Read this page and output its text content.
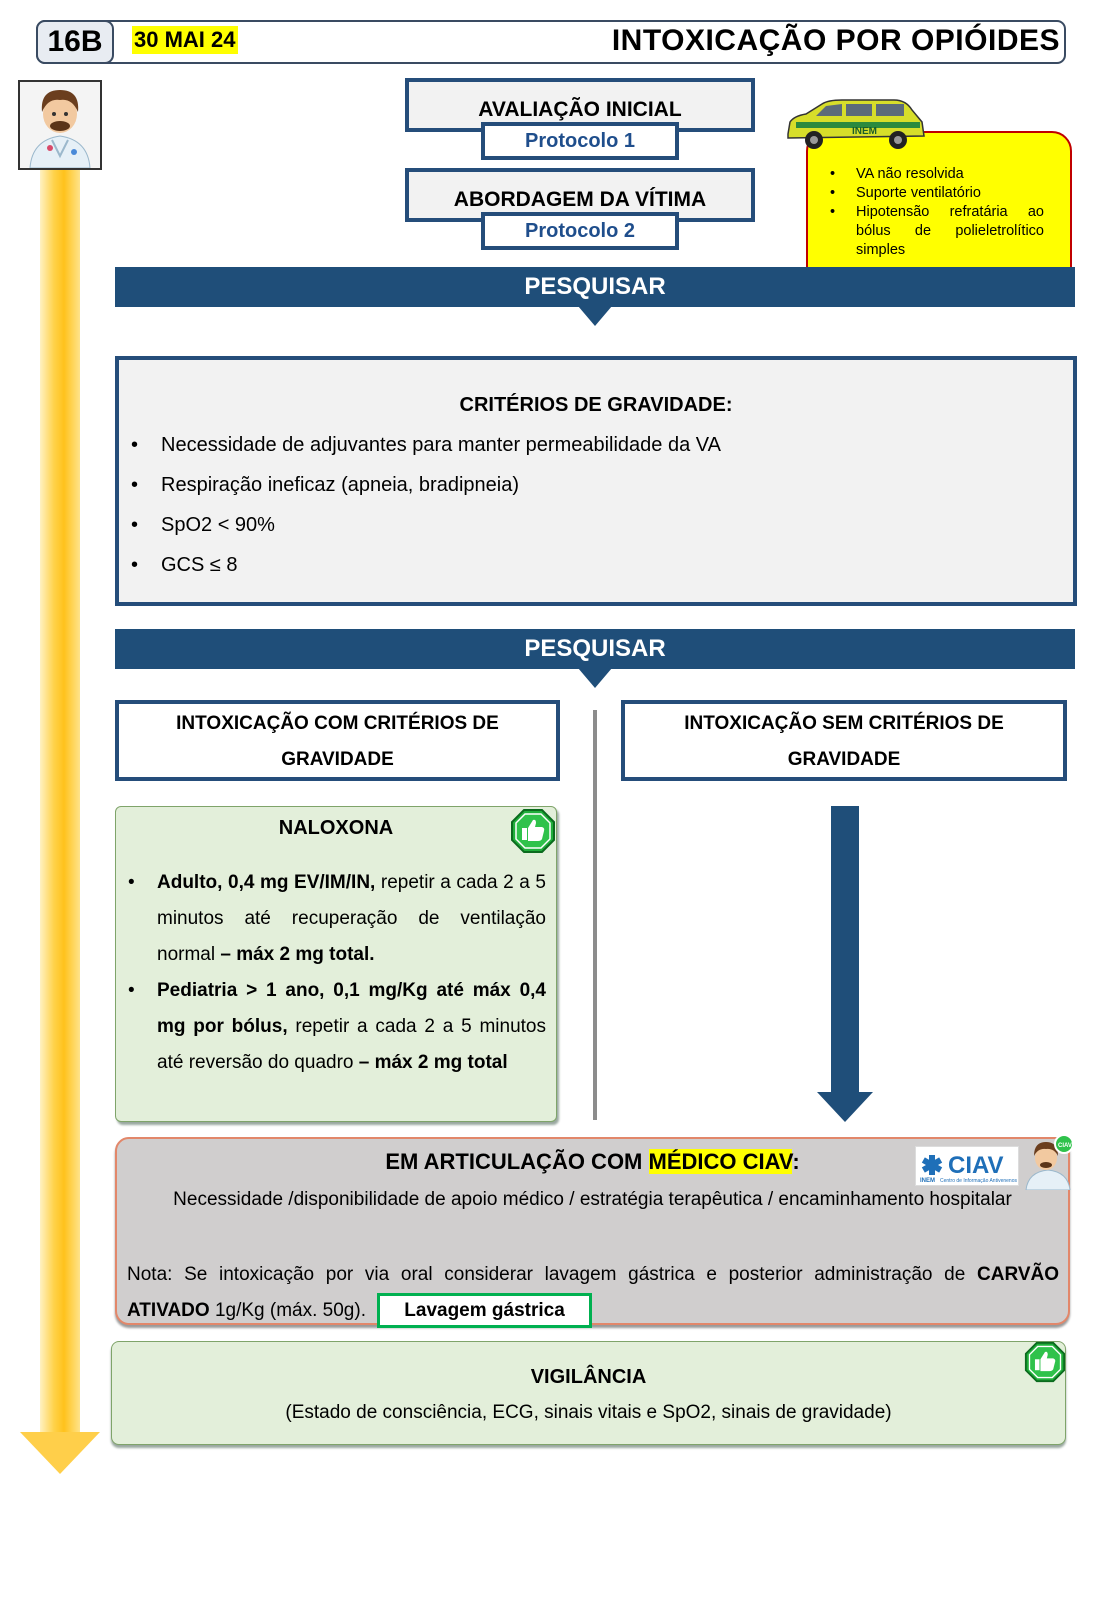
16B	30 MAI 24	INTOXICAÇÃO POR OPIÓIDES
AVALIAÇÃO INICIAL
Protocolo 1
ABORDAGEM DA VÍTIMA
Protocolo 2
• VA não resolvida
• Suporte ventilatório
• Hipotensão refratária ao bólus de polieletrolítico simples
INEM
PESQUISAR
CRITÉRIOS DE GRAVIDADE:
• Necessidade de adjuvantes para manter permeabilidade da VA
• Respiração ineficaz (apneia, bradipneia)
• SpO2 < 90%
• GCS ≤ 8
PESQUISAR
INTOXICAÇÃO COM CRITÉRIOS DE
GRAVIDADE
INTOXICAÇÃO SEM CRITÉRIOS DE
GRAVIDADE
NALOXONA
• Adulto, 0,4 mg EV/IM/IN, repetir a cada 2 a 5 minutos até recuperação de ventilação normal – máx 2 mg total.
• Pediatria > 1 ano, 0,1 mg/Kg até máx 0,4 mg por bólus, repetir a cada 2 a 5 minutos até reversão do quadro – máx 2 mg total
EM ARTICULAÇÃO COM MÉDICO CIAV:
Necessidade /disponibilidade de apoio médico / estratégia terapêutica / encaminhamento hospitalar
Nota: Se intoxicação por via oral considerar lavagem gástrica e posterior administração de CARVÃO ATIVADO 1g/Kg (máx. 50g). Lavagem gástrica
CIAV
INEM Centro de Informação Antivenenos
CIAV
VIGILÂNCIA
(Estado de consciência, ECG, sinais vitais e SpO2, sinais de gravidade)
